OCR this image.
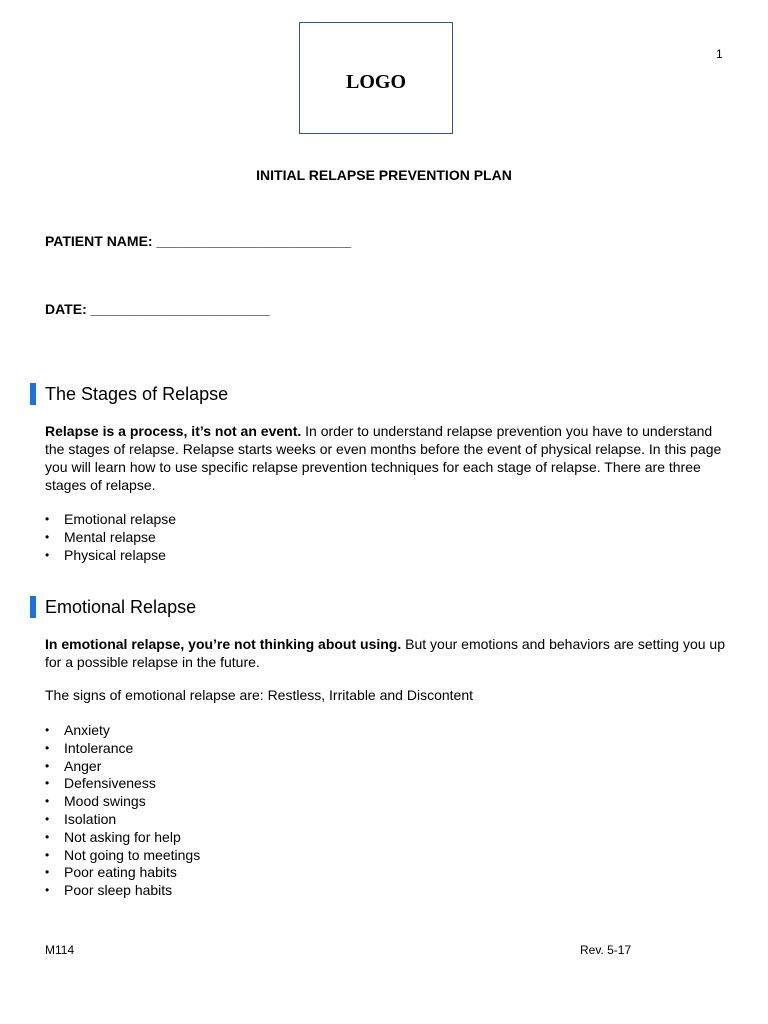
LOGO
1
INITIAL RELAPSE PREVENTION PLAN
PATIENT NAME: _________________________
DATE: _______________________
The Stages of Relapse
Relapse is a process, it’s not an event. In order to understand relapse prevention you have to understand the stages of relapse. Relapse starts weeks or even months before the event of physical relapse. In this page you will learn how to use specific relapse prevention techniques for each stage of relapse. There are three stages of relapse.
• Emotional relapse
• Mental relapse
• Physical relapse
Emotional Relapse
In emotional relapse, you’re not thinking about using. But your emotions and behaviors are setting you up for a possible relapse in the future.
The signs of emotional relapse are: Restless, Irritable and Discontent
• Anxiety
• Intolerance
• Anger
• Defensiveness
• Mood swings
• Isolation
• Not asking for help
• Not going to meetings
• Poor eating habits
• Poor sleep habits
M114	Rev. 5-17
